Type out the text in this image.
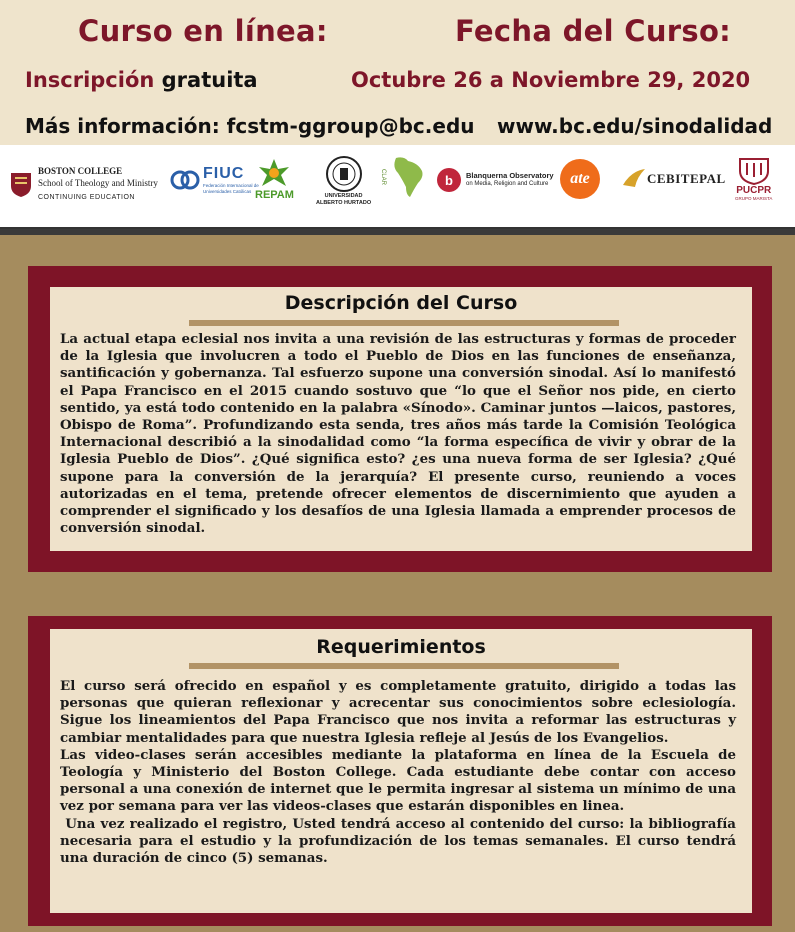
Curso en línea:	Fecha del Curso:
Inscripción gratuita	Octubre 26 a Noviembre 29, 2020
Más información: fcstm-ggroup@bc.edu www.bc.edu/sinodalidad
BOSTON COLLEGE
School of Theology and Ministry
CONTINUING EDUCATION
FIUC
Federación Internacional de Universidades Católicas REPAM	UNIVERSIDAD
ALBERTO HURTADO
CLAR	b Blanquerna Observatory
on Media, Religion and Culture	ate	CEBITEPAL
PUCPR
GRUPO MARISTA
Descripción del Curso

La actual etapa eclesial nos invita a una revisión de las estructuras y formas de proceder de la Iglesia que involucren a todo el Pueblo de Dios en las funciones de enseñanza, santificación y gobernanza. Tal esfuerzo supone una conversión sinodal. Así lo manifestó el Papa Francisco en el 2015 cuando sostuvo que “lo que el Señor nos pide, en cierto sentido, ya está todo contenido en la palabra «Sínodo». Caminar juntos —laicos, pastores, Obispo de Roma”. Profundizando esta senda, tres años más tarde la Comisión Teológica Internacional describió a la sinodalidad como “la forma específica de vivir y obrar de la Iglesia Pueblo de Dios”. ¿Qué significa esto? ¿es una nueva forma de ser Iglesia? ¿Qué supone para la conversión de la jerarquía? El presente curso, reuniendo a voces autorizadas en el tema, pretende ofrecer elementos de discernimiento que ayuden a comprender el significado y los desafíos de una Iglesia llamada a emprender procesos de conversión sinodal.

Requerimientos

El curso será ofrecido en español y es completamente gratuito, dirigido a todas las personas que quieran reflexionar y acrecentar sus conocimientos sobre eclesiología. Sigue los lineamientos del Papa Francisco que nos invita a reformar las estructuras y cambiar mentalidades para que nuestra Iglesia refleje al Jesús de los Evangelios.

Las video-clases serán accesibles mediante la plataforma en línea de la Escuela de Teología y Ministerio del Boston College. Cada estudiante debe contar con acceso personal a una conexión de internet que le permita ingresar al sistema un mínimo de una vez por semana para ver las videos-clases que estarán disponibles en linea.

Una vez realizado el registro, Usted tendrá acceso al contenido del curso: la bibliografía necesaria para el estudio y la profundización de los temas semanales. El curso tendrá una duración de cinco (5) semanas.
